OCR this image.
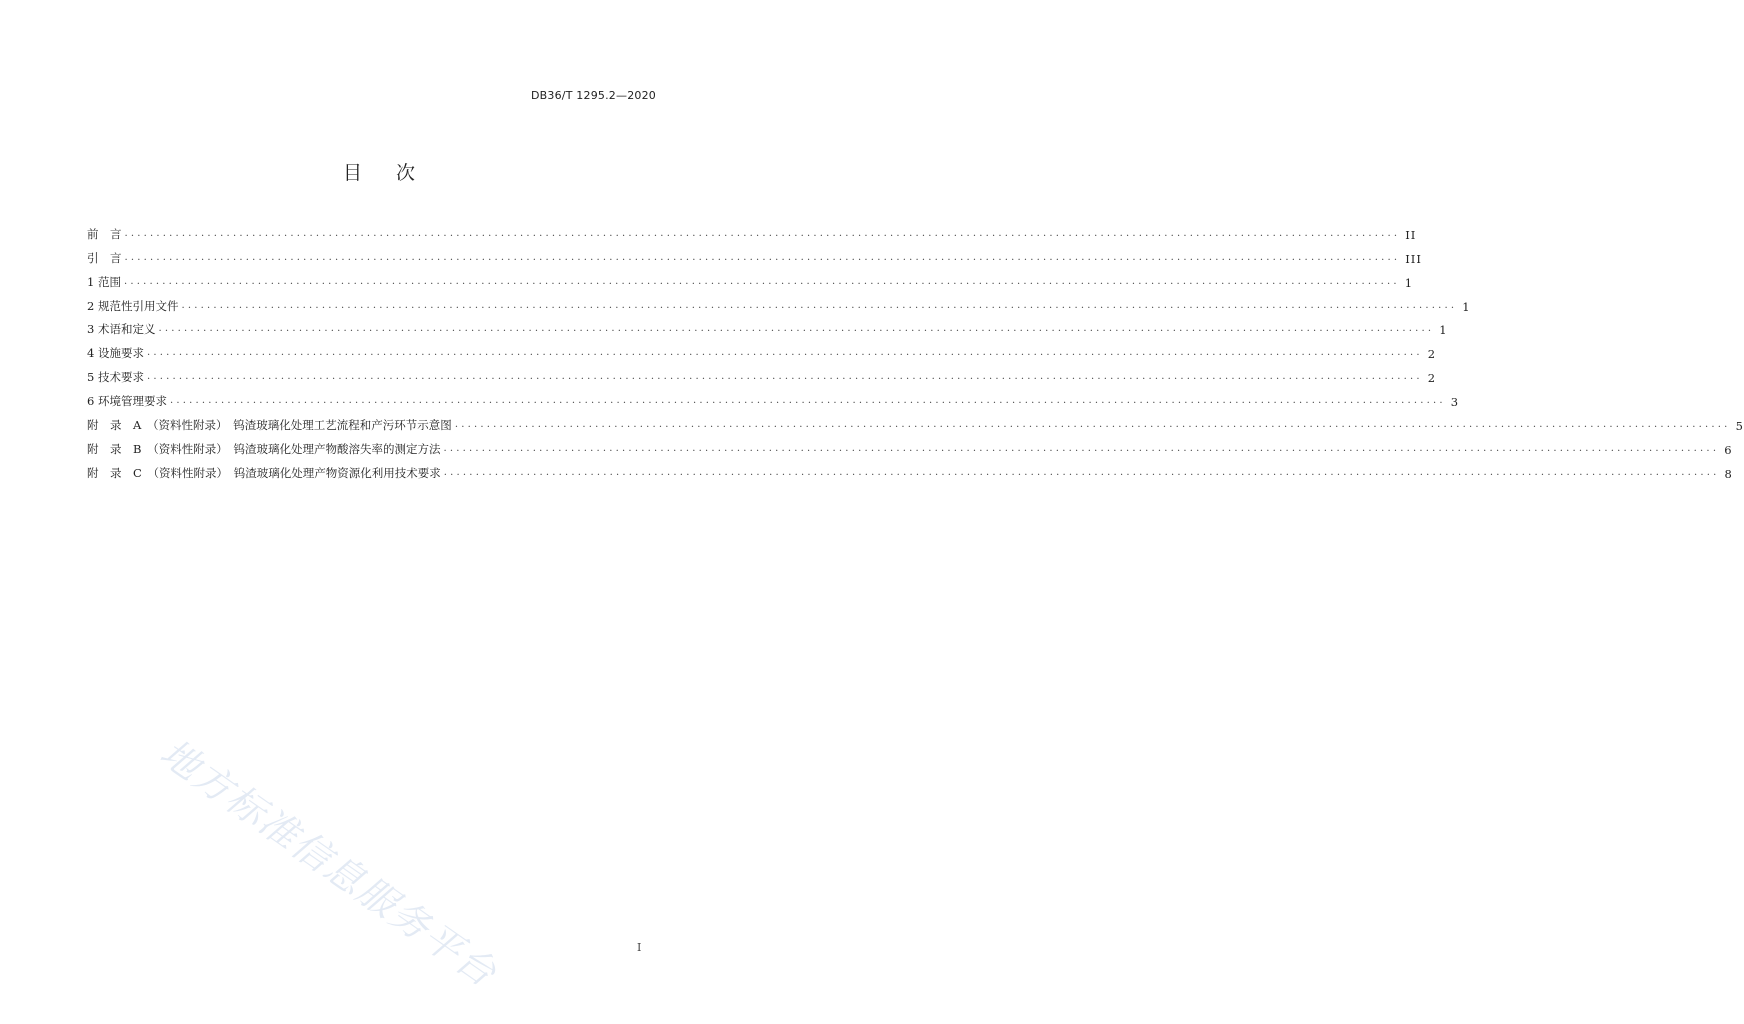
DB36/T 1295.2—2020
目次
前　言 ........................................................................................................................................................................................................ II
引　言 ........................................................................................................................................................................................................ III
1 范围 ........................................................................................................................................................................................................ 1
2 规范性引用文件 ........................................................................................................................................................................................................ 1
3 术语和定义 ........................................................................................................................................................................................................ 1
4 设施要求 ........................................................................................................................................................................................................ 2
5 技术要求 ........................................................................................................................................................................................................ 2
6 环境管理要求 ........................................................................................................................................................................................................ 3
附　录　A　（资料性附录）　钨渣玻璃化处理工艺流程和产污环节示意图 ........................................................................................................................................................................................................ 5
附　录　B　（资料性附录）　钨渣玻璃化处理产物酸溶失率的测定方法 ........................................................................................................................................................................................................ 6
附　录　C　（资料性附录）　钨渣玻璃化处理产物资源化利用技术要求 ........................................................................................................................................................................................................ 8
地方标准信息服务平台	I
